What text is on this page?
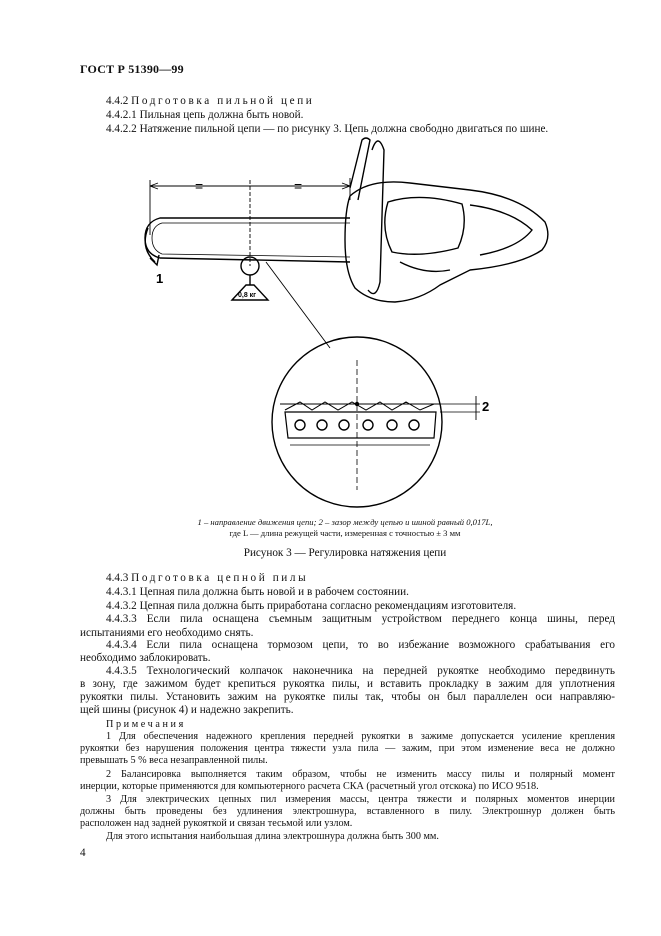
ГОСТ Р 51390—99
4.4.2 Подготовка пильной цепи
4.4.2.1 Пильная цепь должна быть новой.
4.4.2.2 Натяжение пильной цепи — по рисунку 3. Цепь должна свободно двигаться по шине.
=	=
0,8 кг
1
2
1 – направление движения цепи; 2 – зазор между цепью и шиной равный 0,017L,
где L — длина режущей части, измеренная с точностью ± 3 мм
Рисунок 3 — Регулировка натяжения цепи
4.4.3 Подготовка цепной пилы
4.4.3.1 Цепная пила должна быть новой и в рабочем состоянии.
4.4.3.2 Цепная пила должна быть приработана согласно рекомендациям изготовителя.
4.4.3.3 Если пила оснащена съемным защитным устройством переднего конца шины, перед
испытаниями его необходимо снять.
4.4.3.4 Если пила оснащена тормозом цепи, то во избежание возможного срабатывания его
необходимо заблокировать.
4.4.3.5 Технологический колпачок наконечника на передней рукоятке необходимо передвинуть
в зону, где зажимом будет крепиться рукоятка пилы, и вставить прокладку в зажим для уплотнения
рукоятки пилы. Установить зажим на рукоятке пилы так, чтобы он был параллелен оси направляю-
щей шины (рисунок 4) и надежно закрепить.
Примечания
1 Для обеспечения надежного крепления передней рукоятки в зажиме допускается усиление крепления
рукоятки без нарушения положения центра тяжести узла пила — зажим, при этом изменение веса не должно
превышать 5 % веса незаправленной пилы.
2 Балансировка выполняется таким образом, чтобы не изменить массу пилы и полярный момент
инерции, которые применяются для компьютерного расчета СКА (расчетный угол отскока) по ИСО 9518.
3 Для электрических цепных пил измерения массы, центра тяжести и полярных моментов инерции
должны быть проведены без удлинения электрошнура, вставленного в пилу. Электрошнур должен быть
расположен над задней рукояткой и связан тесьмой или узлом.
Для этого испытания наибольшая длина электрошнура должна быть 300 мм.
4
